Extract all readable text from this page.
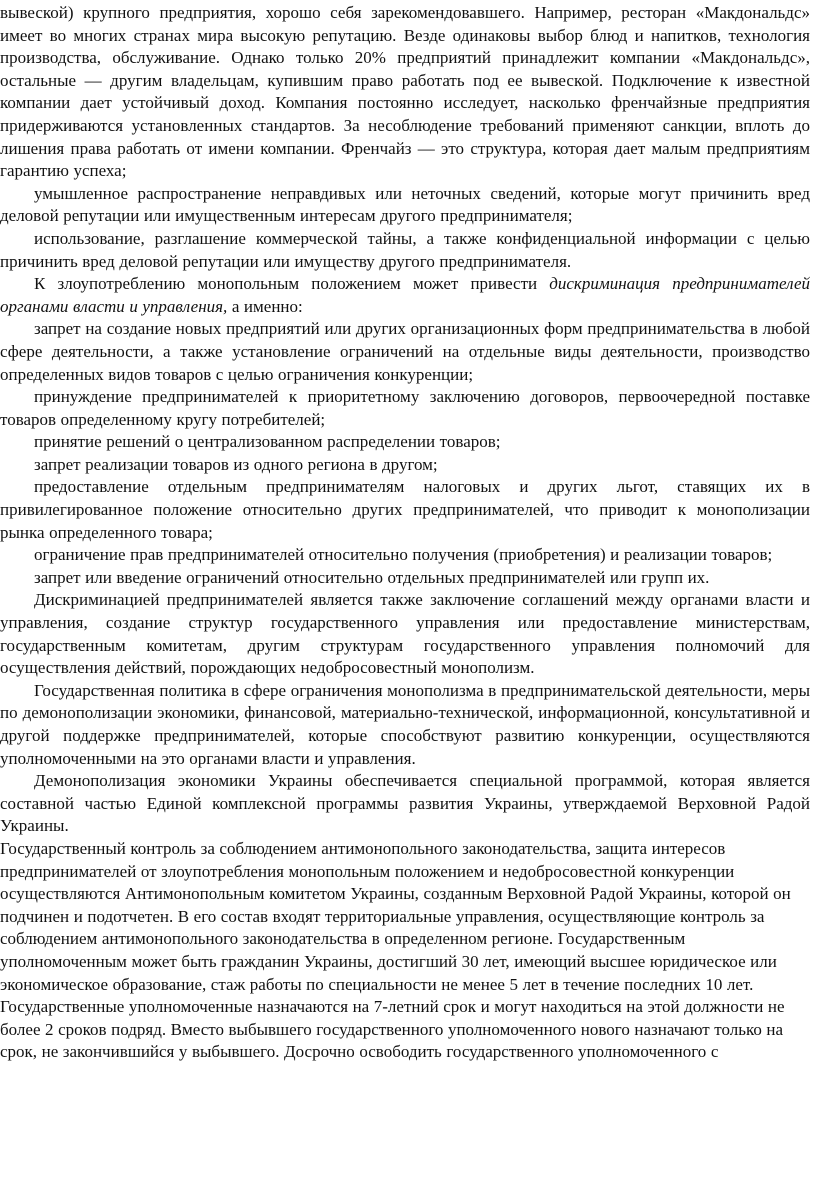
вывеской) крупного предприятия, хорошо себя зарекомендовавшего. Например, ресторан «Макдональдс» имеет во многих странах мира высокую репутацию. Везде одинаковы выбор блюд и напитков, технология производства, обслуживание. Однако только 20% предприятий принадлежит компании «Макдональдс», остальные — другим владельцам, купившим право работать под ее вывеской. Подключение к известной компании дает устойчивый доход. Компания постоянно исследует, насколько френчайзные предприятия придерживаются установленных стандартов. За несоблюдение требований применяют санкции, вплоть до лишения права работать от имени компании. Френчайз — это структура, которая дает малым предприятиям гарантию успеха;

умышленное распространение неправдивых или неточных сведений, которые могут причинить вред деловой репутации или имущественным интересам другого предпринимателя;

использование, разглашение коммерческой тайны, а также конфиденциальной информации с целью причинить вред деловой репутации или имуществу другого предпринимателя.

К злоупотреблению монопольным положением может привести дискриминация предпринимателей органами власти и управления, а именно:

запрет на создание новых предприятий или других организационных форм предпринимательства в любой сфере деятельности, а также установление ограничений на отдельные виды деятельности, производство определенных видов товаров с целью ограничения конкуренции;

принуждение предпринимателей к приоритетному заключению договоров, первоочередной поставке товаров определенному кругу потребителей;

принятие решений о централизованном распределении товаров;

запрет реализации товаров из одного региона в другом;

предоставление отдельным предпринимателям налоговых и других льгот, ставящих их в привилегированное положение относительно других предпринимателей, что приводит к монополизации рынка определенного товара;

ограничение прав предпринимателей относительно получения (приобретения) и реализации товаров;

запрет или введение ограничений относительно отдельных предпринимателей или групп их.

Дискриминацией предпринимателей является также заключение соглашений между органами власти и управления, создание структур государственного управления или предоставление министерствам, государственным комитетам, другим структурам государственного управления полномочий для осуществления действий, порождающих недобросовестный монополизм.

Государственная политика в сфере ограничения монополизма в предпринимательской деятельности, меры по демонополизации экономики, финансовой, материально-технической, информационной, консультативной и другой поддержке предпринимателей, которые способствуют развитию конкуренции, осуществляются уполномоченными на это органами власти и управления.

Демонополизация экономики Украины обеспечивается специальной программой, которая является составной частью Единой комплексной программы развития Украины, утверждаемой Верховной Радой Украины.

Государственный контроль за соблюдением антимонопольного законодательства, защита интересов предпринимателей от злоупотребления монопольным положением и недобросовестной конкуренции осуществляются Антимонопольным комитетом Украины, созданным Верховной Радой Украины, которой он подчинен и подотчетен. В его состав входят территориальные управления, осуществляющие контроль за соблюдением антимонопольного законодательства в определенном регионе. Государственным уполномоченным может быть гражданин Украины, достигший 30 лет, имеющий высшее юридическое или экономическое образование, стаж работы по специальности не менее 5 лет в течение последних 10 лет. Государственные уполномоченные назначаются на 7-летний срок и могут находиться на этой должности не более 2 сроков подряд. Вместо выбывшего государственного уполномоченного нового назначают только на срок, не закончившийся у выбывшего. Досрочно освободить государственного уполномоченного с
